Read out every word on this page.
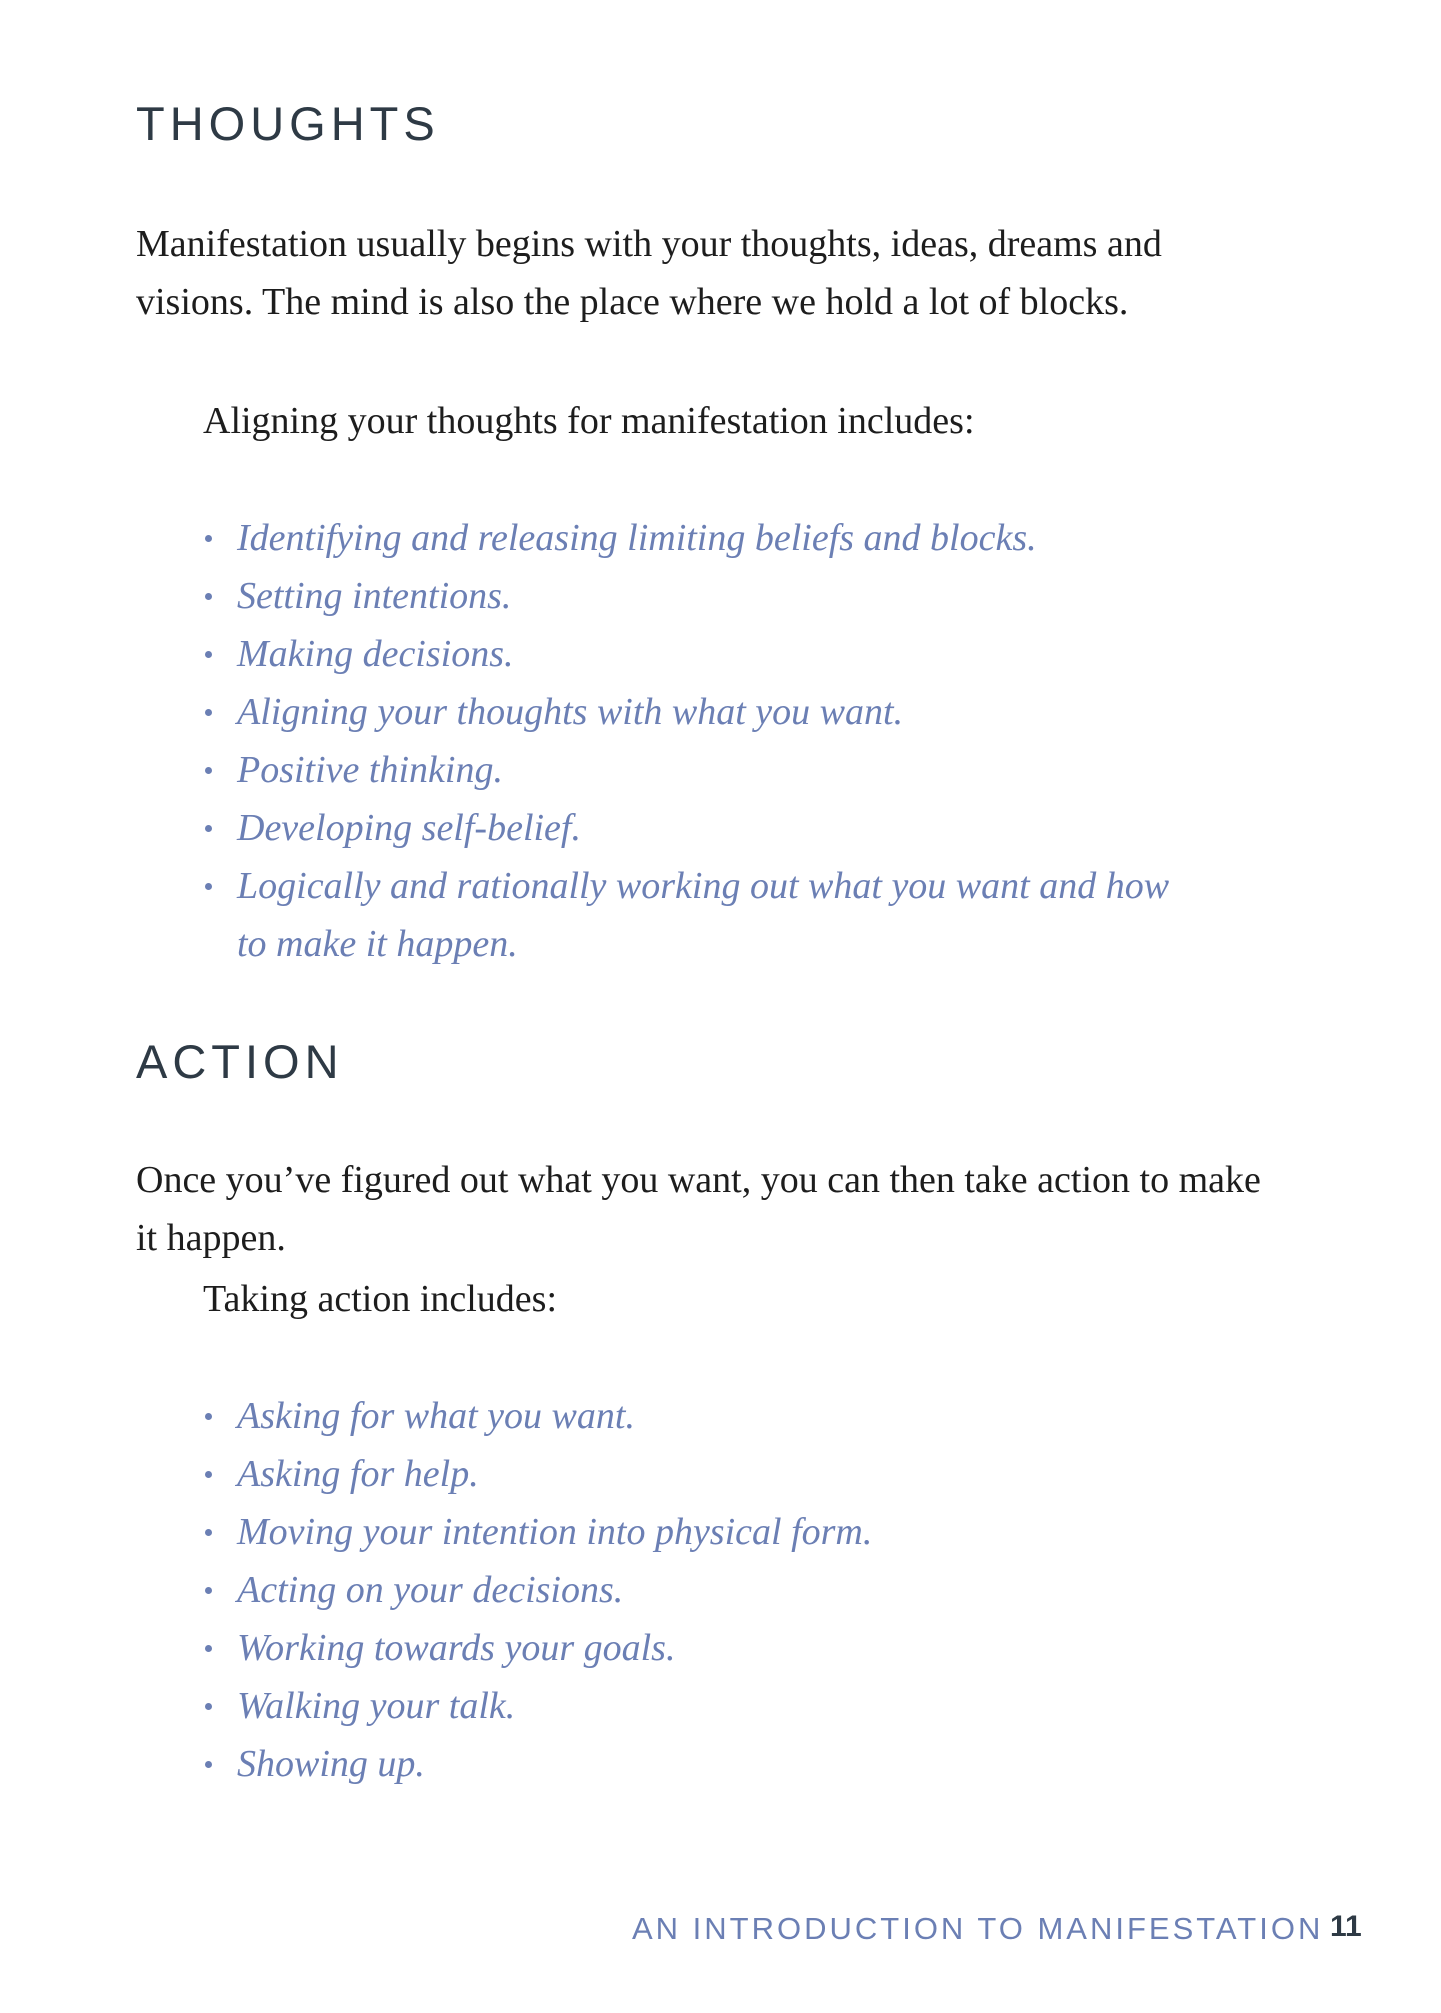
THOUGHTS

Manifestation usually begins with your thoughts, ideas, dreams and visions. The mind is also the place where we hold a lot of blocks.

Aligning your thoughts for manifestation includes:

Identifying and releasing limiting beliefs and blocks.
Setting intentions.
Making decisions.
Aligning your thoughts with what you want.
Positive thinking.
Developing self-belief.
Logically and rationally working out what you want and how to make it happen.
ACTION

Once you’ve figured out what you want, you can then take action to make it happen.

Taking action includes:

Asking for what you want.
Asking for help.
Moving your intention into physical form.
Acting on your decisions.
Working towards your goals.
Walking your talk.
Showing up.

AN INTRODUCTION TO MANIFESTATION 11
